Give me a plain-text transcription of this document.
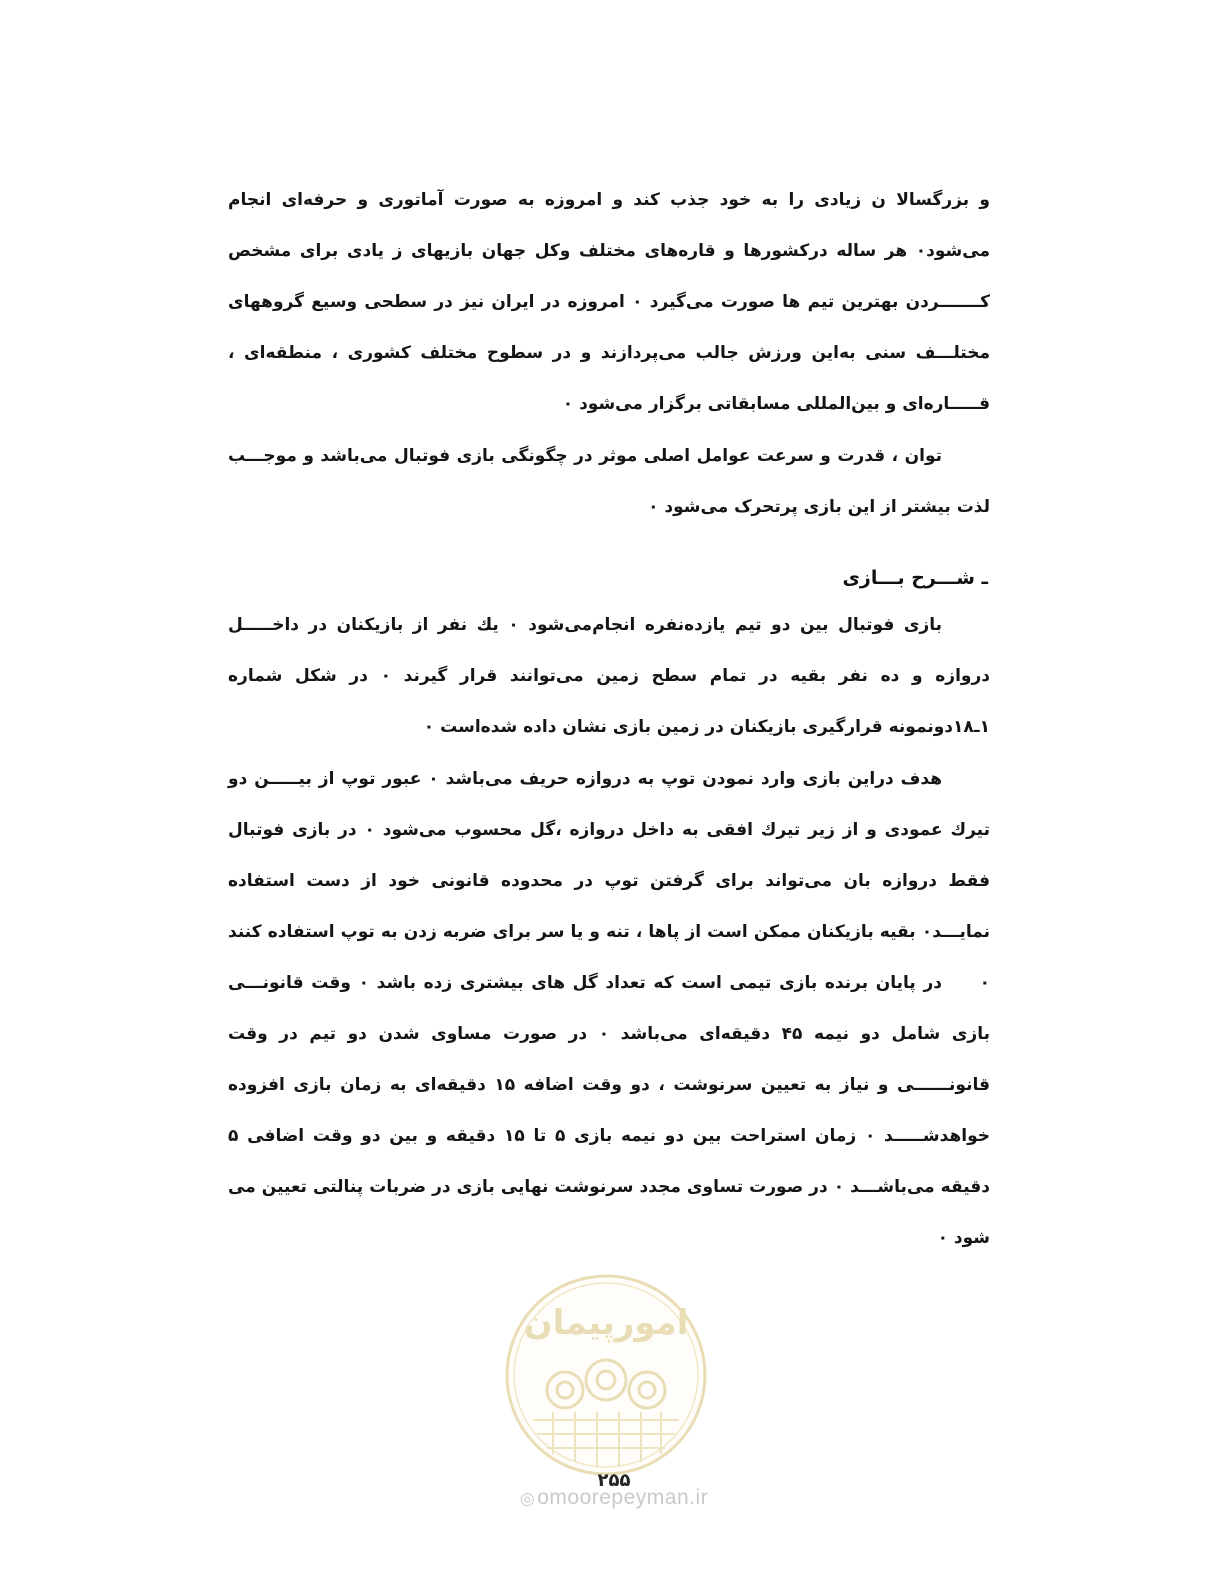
و بزرگسالا ن زیادی را به خود جذب کند و امروزه به صورت آماتوری و حرفه‌ای انجام می‌شود۰ هر ساله درکشورها و قاره‌های مختلف وکل جهان بازیهای ز یادی برای مشخص کـــــــردن بهترین تیم ها صورت می‌گیرد ۰ امروزه در ایران نیز در سطحی وسیع گروههای مختلـــف سنی به‌این ورزش جالب می‌پردازند و در سطوح مختلف کشوری ، منطقه‌ای ، قـــــاره‌ای و بین‌المللی مسابقاتی برگزار می‌شود ۰

توان ، قدرت و سرعت عوامل اصلی موثر در چگونگی بازی فوتبال می‌باشد و موجـــب لذت بیشتر از این بازی پرتحرک می‌شود ۰

ـ شـــرح بـــازی

بازی فوتبال بین دو تیم یازده‌نفره انجام‌می‌شود ۰ یك نفر از بازیکنان در داخـــــل دروازه و ده نفر بقیه در تمام سطح زمین می‌توانند قرار گیرند ۰ در شکل شماره ۱ـ۱۸دونمونه قرارگیری بازیکنان در زمین بازی نشان داده شده‌است ۰

هدف دراین بازی وارد نمودن توپ به دروازه حریف می‌باشد ۰ عبور توپ از بیـــــن دو تیرك عمودی و از زیر تیرك افقی به داخل دروازه ،گل محسوب می‌شود ۰ در بازی فوتبال فقط دروازه بان می‌تواند برای گرفتن توپ در محدوده قانونی خود از دست استفاده نمایـــد۰ بقیه بازیکنان ممکن است از پاها ، تنه و یا سر برای ضربه زدن به توپ استفاده کنند ۰

در پایان برنده بازی تیمی است که تعداد گل های بیشتری زده باشد ۰ وقت قانونـــی بازی شامل دو نیمه ۴۵ دقیقه‌ای می‌باشد ۰ در صورت مساوی شدن دو تیم در وقت قانونــــــی و نیاز به تعیین سرنوشت ، دو وقت اضافه ۱۵ دقیقه‌ای به زمان بازی افزوده خواهدشـــــد ۰ زمان استراحت بین دو نیمه بازی ۵ تا ۱۵ دقیقه و بین دو وقت اضافی ۵ دقیقه می‌باشـــد ۰ در صورت تساوی مجدد سرنوشت نهایی بازی در ضربات پنالتی تعیین می شود ۰

امورپیمان
۲۵۵
◎omoorepeyman.ir
